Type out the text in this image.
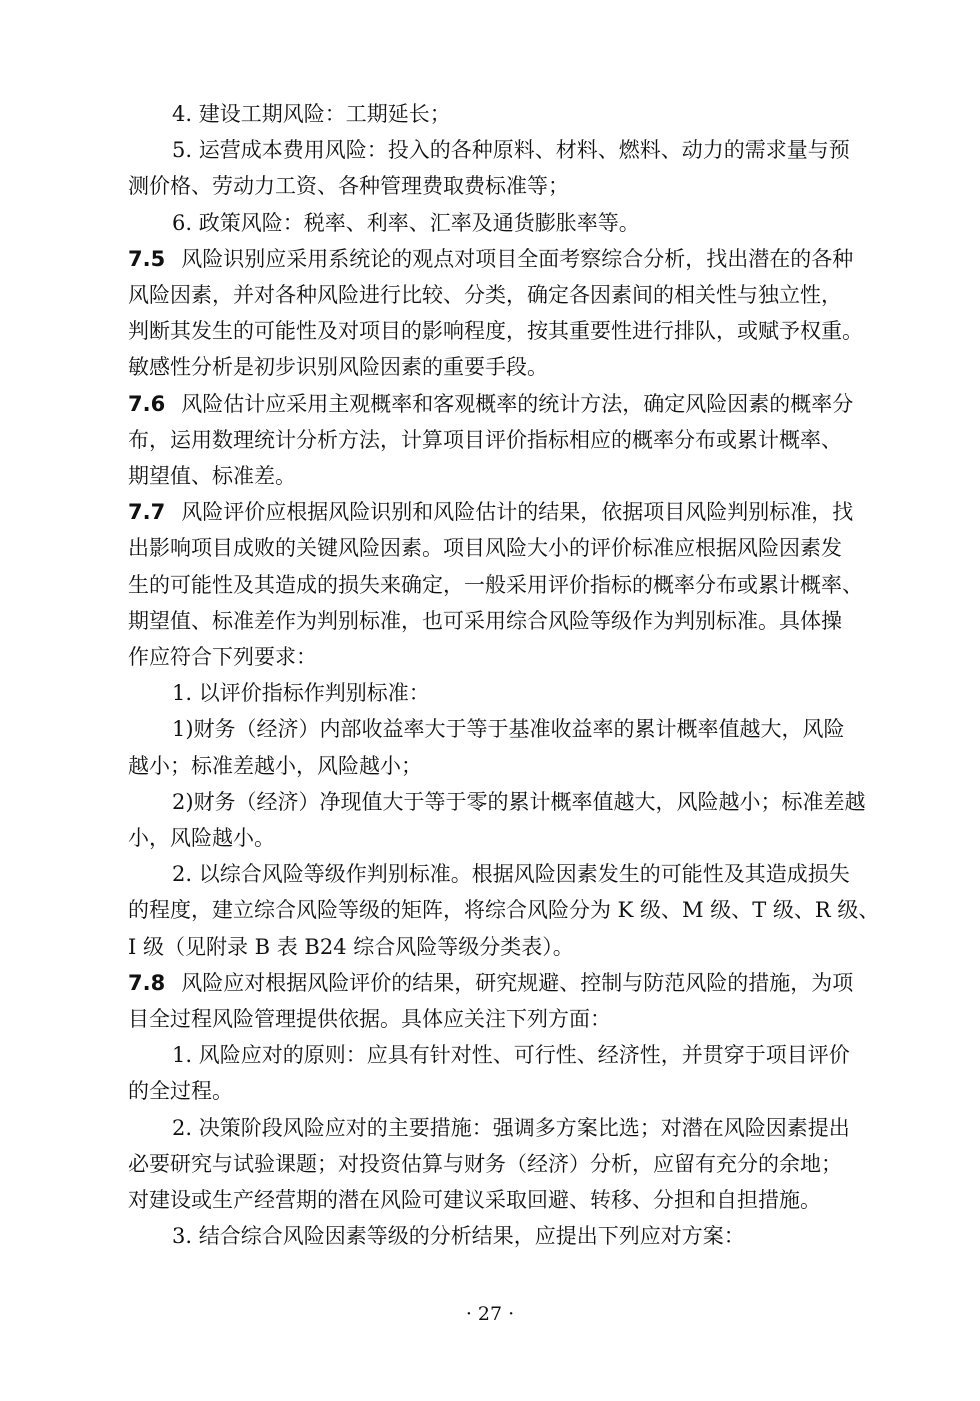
4. 建设工期风险：工期延长；
5. 运营成本费用风险：投入的各种原料、材料、燃料、动力的需求量与预
测价格、劳动力工资、各种管理费取费标准等；
6. 政策风险：税率、利率、汇率及通货膨胀率等。
7.5 风险识别应采用系统论的观点对项目全面考察综合分析，找出潜在的各种
风险因素，并对各种风险进行比较、分类，确定各因素间的相关性与独立性，
判断其发生的可能性及对项目的影响程度，按其重要性进行排队，或赋予权重。
敏感性分析是初步识别风险因素的重要手段。
7.6 风险估计应采用主观概率和客观概率的统计方法，确定风险因素的概率分
布，运用数理统计分析方法，计算项目评价指标相应的概率分布或累计概率、
期望值、标准差。
7.7 风险评价应根据风险识别和风险估计的结果，依据项目风险判别标准，找
出影响项目成败的关键风险因素。项目风险大小的评价标准应根据风险因素发
生的可能性及其造成的损失来确定，一般采用评价指标的概率分布或累计概率、
期望值、标准差作为判别标准，也可采用综合风险等级作为判别标准。具体操
作应符合下列要求：
1. 以评价指标作判别标准：
1)财务（经济）内部收益率大于等于基准收益率的累计概率值越大，风险
越小；标准差越小，风险越小；
2)财务（经济）净现值大于等于零的累计概率值越大，风险越小；标准差越
小，风险越小。
2. 以综合风险等级作判别标准。根据风险因素发生的可能性及其造成损失
的程度，建立综合风险等级的矩阵，将综合风险分为 K 级、M 级、T 级、R 级、
I 级（见附录 B 表 B24 综合风险等级分类表）。
7.8 风险应对根据风险评价的结果，研究规避、控制与防范风险的措施，为项
目全过程风险管理提供依据。具体应关注下列方面：
1. 风险应对的原则：应具有针对性、可行性、经济性，并贯穿于项目评价
的全过程。
2. 决策阶段风险应对的主要措施：强调多方案比选；对潜在风险因素提出
必要研究与试验课题；对投资估算与财务（经济）分析，应留有充分的余地；
对建设或生产经营期的潜在风险可建议采取回避、转移、分担和自担措施。
3. 结合综合风险因素等级的分析结果，应提出下列应对方案：
· 27 ·
